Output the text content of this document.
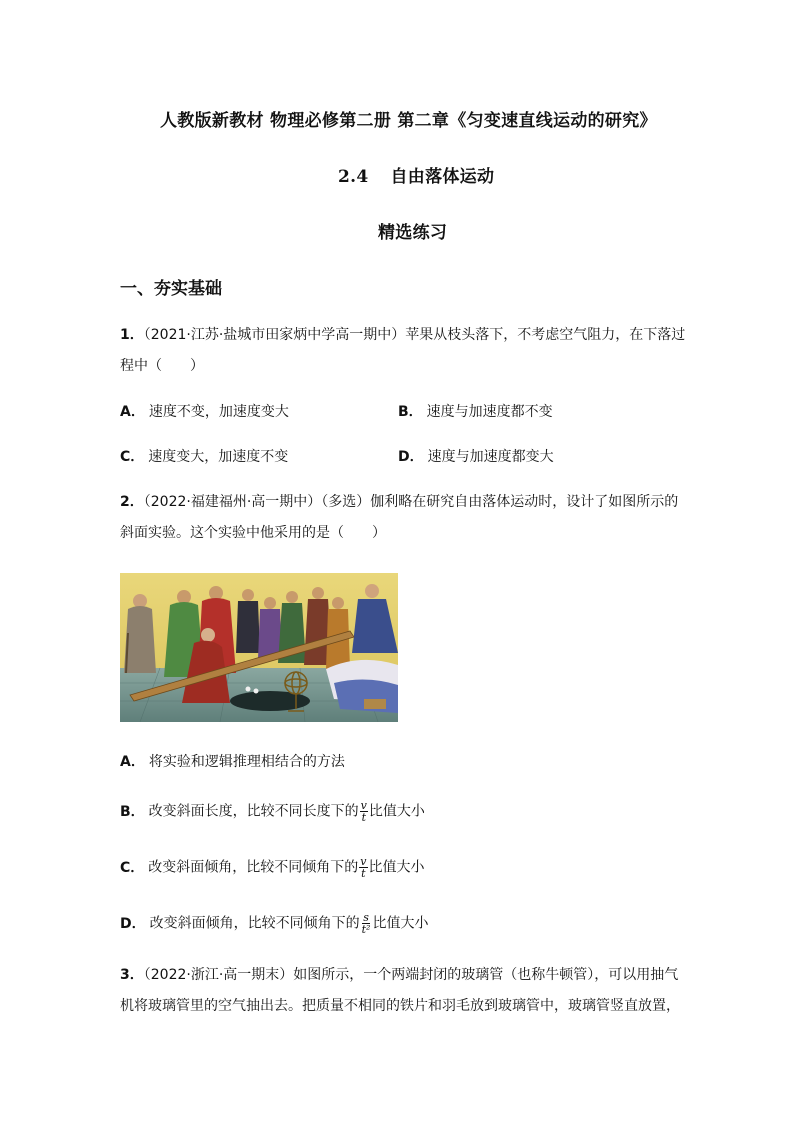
人教版新教材 物理必修第二册 第二章《匀变速直线运动的研究》
2.4 自由落体运动
精选练习
一、夯实基础
1．（2021·江苏·盐城市田家炳中学高一期中）苹果从枝头落下，不考虑空气阻力，在下落过
程中（　　）
A． 速度不变，加速度变大	B． 速度与加速度都不变
C． 速度变大，加速度不变	D． 速度与加速度都变大
2．（2022·福建福州·高一期中）（多选）伽利略在研究自由落体运动时，设计了如图所示的
斜面实验。这个实验中他采用的是（　　）
A． 将实验和逻辑推理相结合的方法
B． 改变斜面长度，比较不同长度下的 $\frac{v}{t}$ 比值大小
C． 改变斜面倾角，比较不同倾角下的 $\frac{v}{t}$ 比值大小
D． 改变斜面倾角，比较不同倾角下的 $\frac{s}{\text{t²}}$ 比值大小
3．（2022·浙江·高一期末）如图所示，一个两端封闭的玻璃管（也称牛顿管），可以用抽气
机将玻璃管里的空气抽出去。把质量不相同的铁片和羽毛放到玻璃管中，玻璃管竖直放置，
